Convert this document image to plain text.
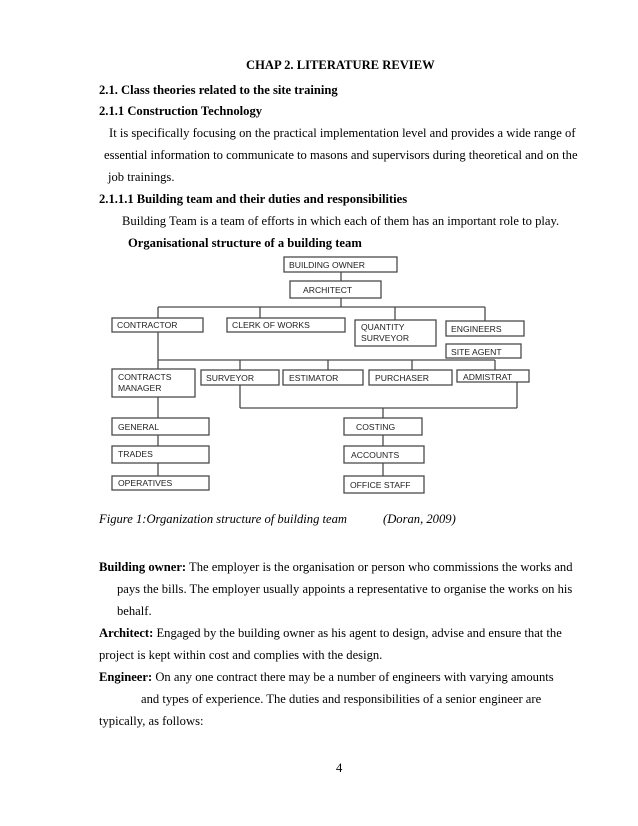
CHAP 2. LITERATURE REVIEW
2.1. Class theories related to the site training
2.1.1 Construction Technology
It is specifically focusing on the practical implementation level and provides a wide range of
essential information to communicate to masons and supervisors during theoretical and on the
job trainings.
2.1.1.1 Building team and their duties and responsibilities
Building Team is a team of efforts in which each of them has an important role to play.
Organisational structure of a building team
BUILDING OWNER
ARCHITECT
CONTRACTOR	CLERK OF WORKS	QUANTITY
SURVEYOR
ENGINEERS
SITE AGENT
CONTRACTS
MANAGER
SURVEYOR	ESTIMATOR	PURCHASER	ADMISTRAT
GENERAL
TRADES
OPERATIVES
COSTING
ACCOUNTS
OFFICE STAFF
Figure 1:Organization structure of building team	(Doran, 2009)
Building owner: The employer is the organisation or person who commissions the works and
pays the bills. The employer usually appoints a representative to organise the works on his
behalf.
Architect: Engaged by the building owner as his agent to design, advise and ensure that the
project is kept within cost and complies with the design.
Engineer: On any one contract there may be a number of engineers with varying amounts
and types of experience. The duties and responsibilities of a senior engineer are
typically, as follows:
4
